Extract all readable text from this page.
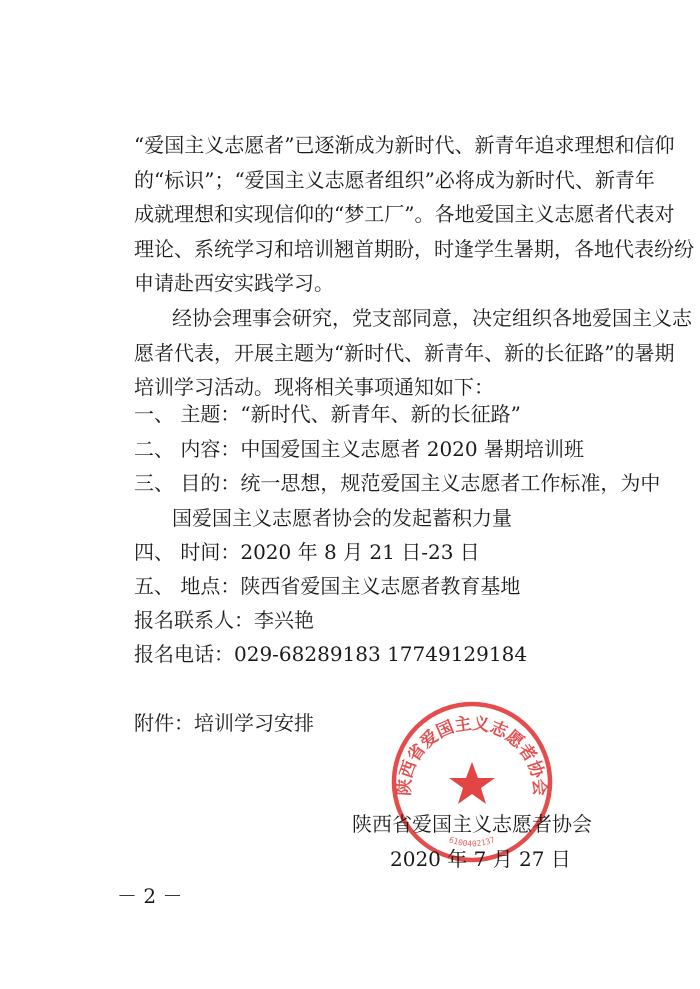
“爱国主义志愿者”已逐渐成为新时代、新青年追求理想和信仰
的“标识”；“爱国主义志愿者组织”必将成为新时代、新青年
成就理想和实现信仰的“梦工厂”。各地爱国主义志愿者代表对
理论、系统学习和培训翘首期盼，时逢学生暑期，各地代表纷纷
申请赴西安实践学习。
经协会理事会研究，党支部同意，决定组织各地爱国主义志
愿者代表，开展主题为“新时代、新青年、新的长征路”的暑期
培训学习活动。现将相关事项通知如下：
一、 主题：“新时代、新青年、新的长征路”
二、 内容：中国爱国主义志愿者 2020 暑期培训班
三、 目的：统一思想，规范爱国主义志愿者工作标准，为中
国爱国主义志愿者协会的发起蓄积力量
四、 时间：2020 年 8 月 21 日-23 日
五、 地点：陕西省爱国主义志愿者教育基地
报名联系人：李兴艳
报名电话：029-68289183 17749129184
附件：培训学习安排
陕西省爱国主义志愿者协会
6100402137
陕西省爱国主义志愿者协会
2020 年 7 月 27 日
－ 2 －
